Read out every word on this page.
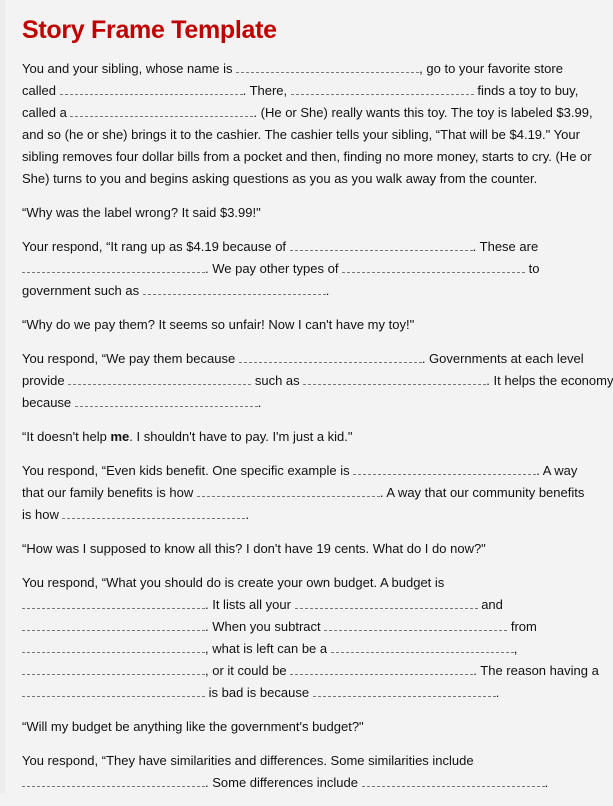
Story Frame Template
You and your sibling, whose name is	, go to your favorite store
called	. There,	finds a toy to buy,
called a	. (He or She) really wants this toy. The toy is labeled $3.99,
and so (he or she) brings it to the cashier. The cashier tells your sibling, “That will be $4.19." Your
sibling removes four dollar bills from a pocket and then, finding no more money, starts to cry. (He or
She) turns to you and begins asking questions as you as you walk away from the counter.
“Why was the label wrong? It said $3.99!"
Your respond, “It rang up as $4.19 because of	. These are
. We pay other types of	to
government such as	.
“Why do we pay them? It seems so unfair! Now I can't have my toy!"
You respond, “We pay them because	. Governments at each level
provide	such as	. It helps the economy
because	.
“It doesn't help me. I shouldn't have to pay. I'm just a kid."
You respond, “Even kids benefit. One specific example is	. A way
that our family benefits is how	. A way that our community benefits
is how	.
“How was I supposed to know all this? I don't have 19 cents. What do I do now?"
You respond, “What you should do is create your own budget. A budget is
. It lists all your	and
. When you subtract	from
, what is left can be a	,
, or it could be	. The reason having a
is bad is because	.
“Will my budget be anything like the government's budget?"
You respond, “They have similarities and differences. Some similarities include
. Some differences include	.
